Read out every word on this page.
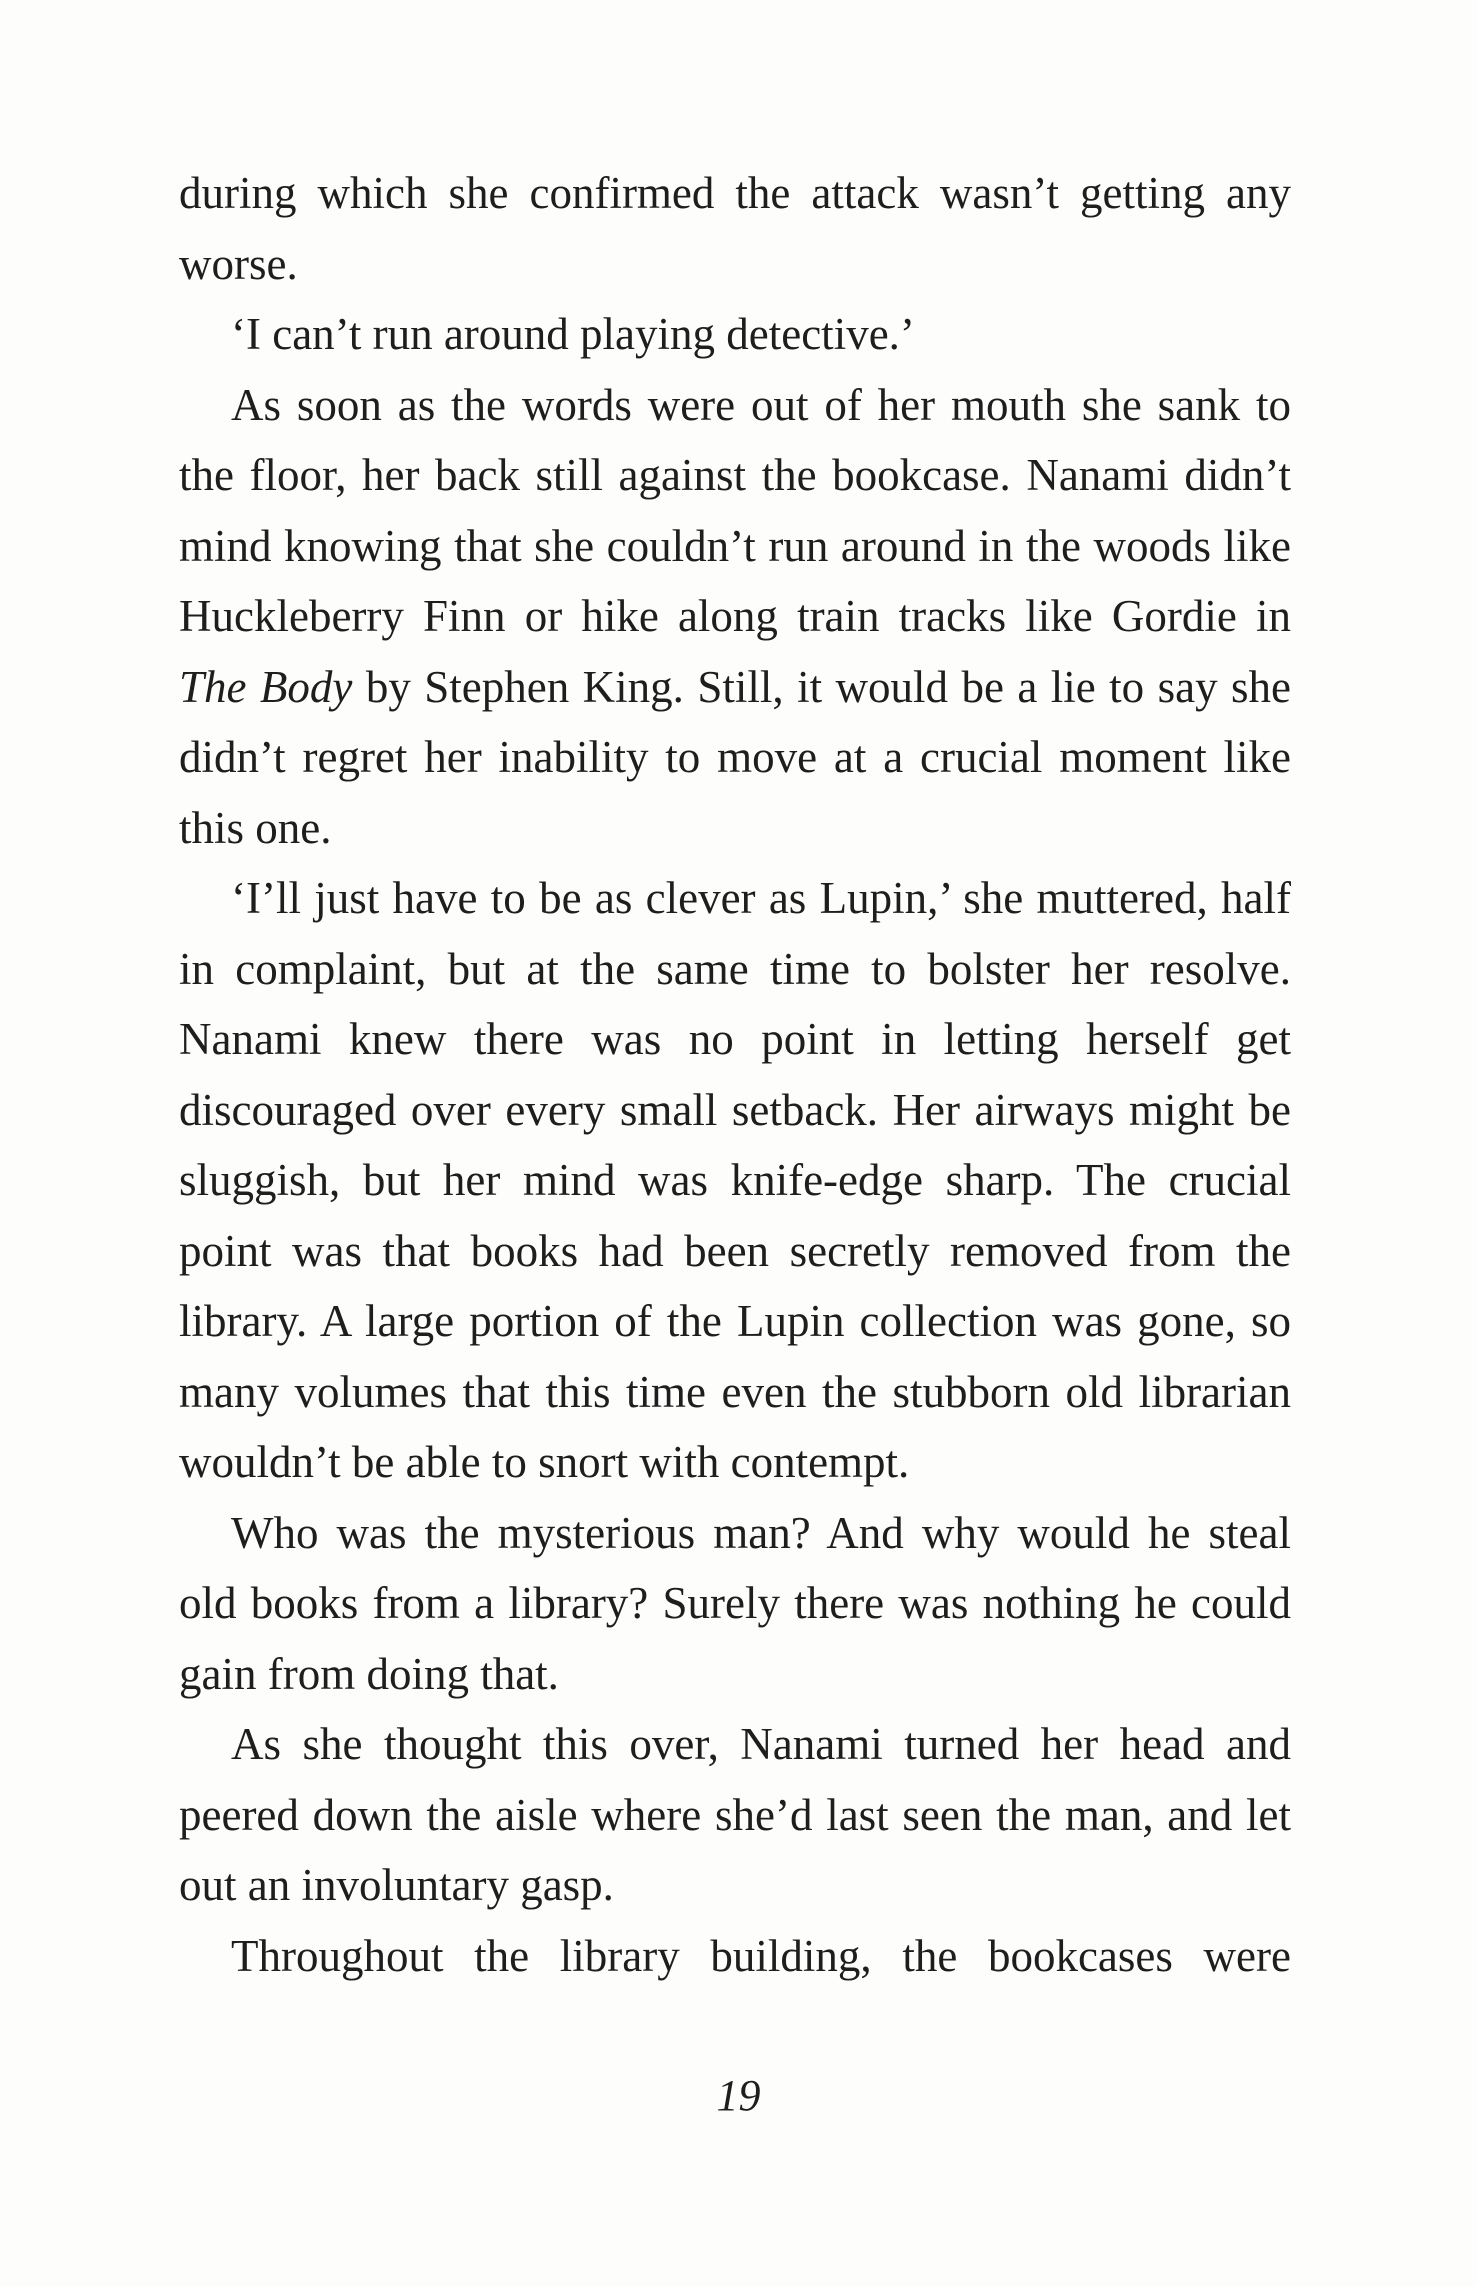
during which she confirmed the attack wasn’t getting any worse.

‘I can’t run around playing detective.’

As soon as the words were out of her mouth she sank to the floor, her back still against the bookcase. Nanami didn’t mind knowing that she couldn’t run around in the woods like Huckleberry Finn or hike along train tracks like Gordie in The Body by Stephen King. Still, it would be a lie to say she didn’t regret her inability to move at a crucial moment like this one.

‘I’ll just have to be as clever as Lupin,’ she muttered, half in complaint, but at the same time to bolster her resolve. Nanami knew there was no point in letting herself get discouraged over every small setback. Her airways might be sluggish, but her mind was knife-edge sharp. The crucial point was that books had been secretly removed from the library. A large portion of the Lupin collection was gone, so many volumes that this time even the stubborn old librarian wouldn’t be able to snort with contempt.

Who was the mysterious man? And why would he steal old books from a library? Surely there was nothing he could gain from doing that.

As she thought this over, Nanami turned her head and peered down the aisle where she’d last seen the man, and let out an involuntary gasp.

Throughout the library building, the bookcases were

19
